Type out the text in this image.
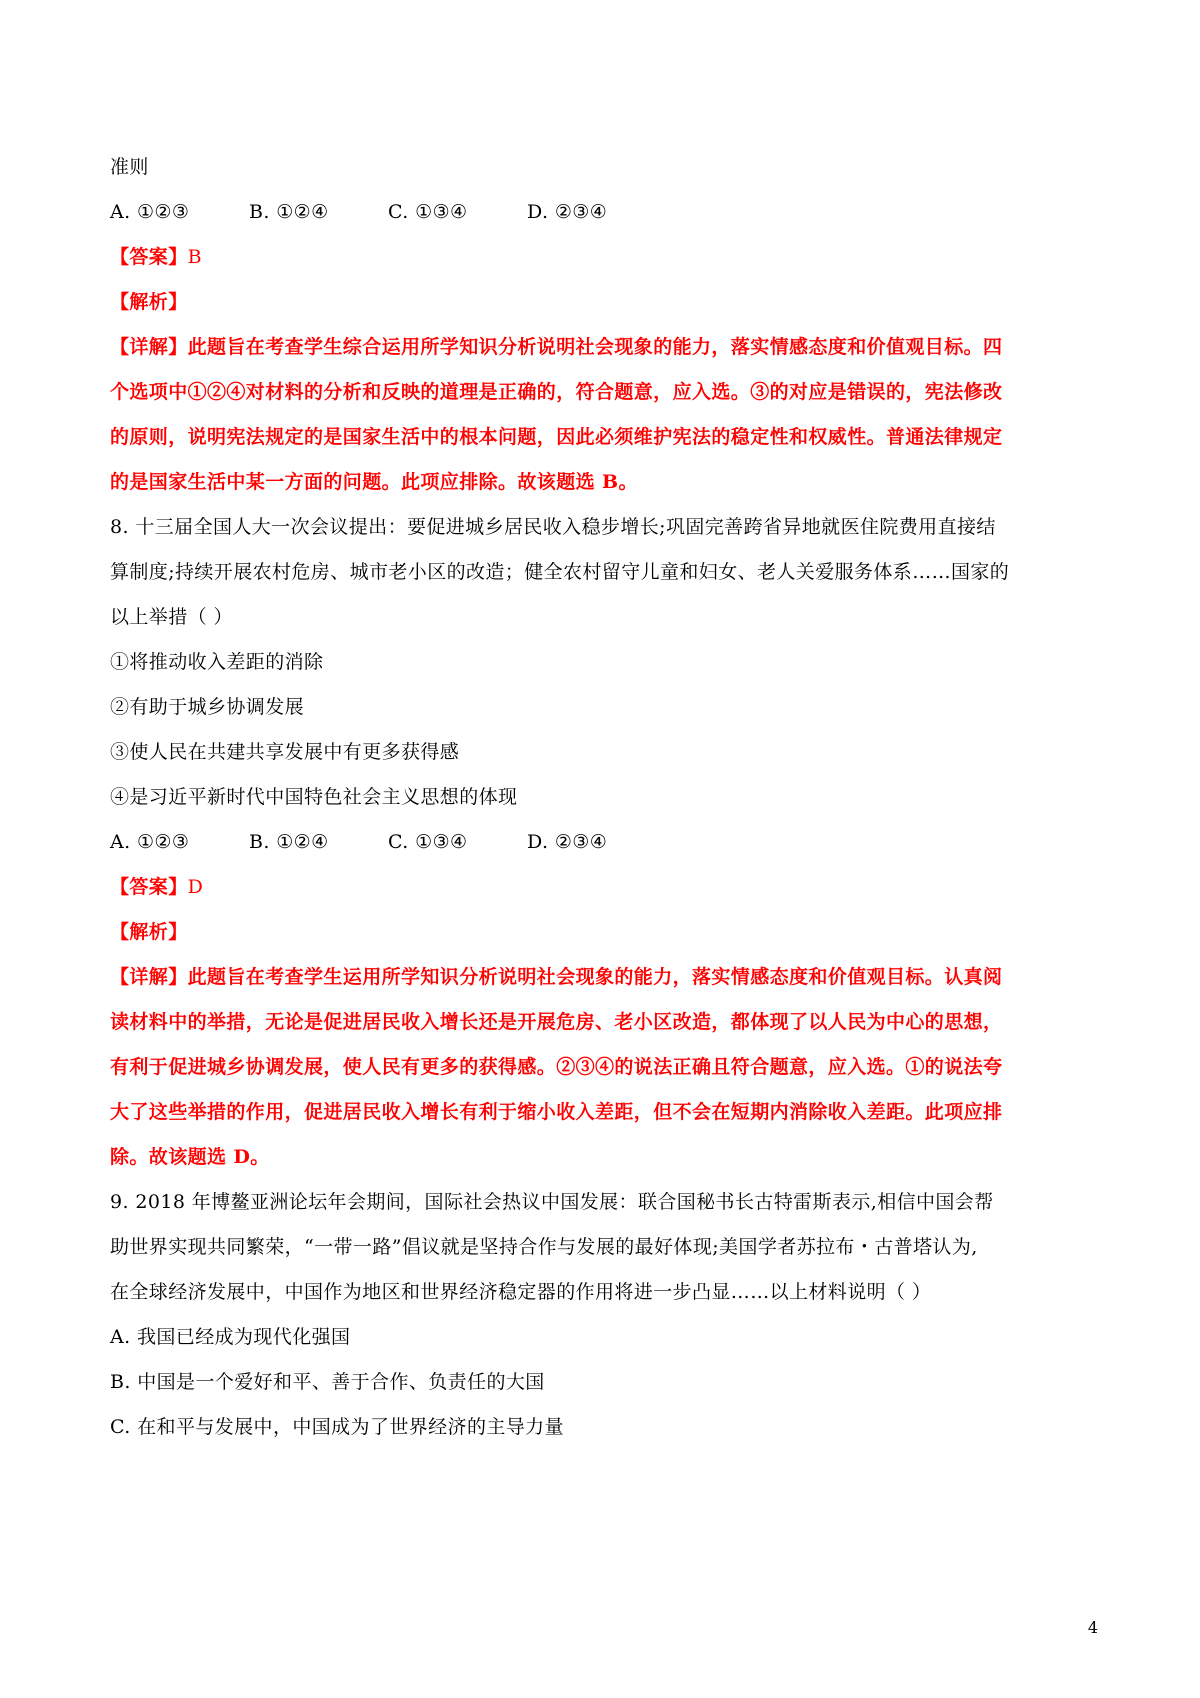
准则
A. ①②③	B. ①②④	C. ①③④	D. ②③④
【答案】B
【解析】
【详解】此题旨在考查学生综合运用所学知识分析说明社会现象的能力，落实情感态度和价值观目标。四
个选项中①②④对材料的分析和反映的道理是正确的，符合题意，应入选。③的对应是错误的，宪法修改
的原则，说明宪法规定的是国家生活中的根本问题，因此必须维护宪法的稳定性和权威性。普通法律规定
的是国家生活中某一方面的问题。此项应排除。故该题选 B。
8. 十三届全国人大一次会议提出：要促进城乡居民收入稳步增长;巩固完善跨省异地就医住院费用直接结
算制度;持续开展农村危房、城市老小区的改造；健全农村留守儿童和妇女、老人关爱服务体系……国家的
以上举措（ ）
①将推动收入差距的消除
②有助于城乡协调发展
③使人民在共建共享发展中有更多获得感
④是习近平新时代中国特色社会主义思想的体现
A. ①②③	B. ①②④	C. ①③④	D. ②③④
【答案】D
【解析】
【详解】此题旨在考查学生运用所学知识分析说明社会现象的能力，落实情感态度和价值观目标。认真阅
读材料中的举措，无论是促进居民收入增长还是开展危房、老小区改造，都体现了以人民为中心的思想，
有利于促进城乡协调发展，使人民有更多的获得感。②③④的说法正确且符合题意，应入选。①的说法夸
大了这些举措的作用，促进居民收入增长有利于缩小收入差距，但不会在短期内消除收入差距。此项应排
除。故该题选 D。
9. 2018 年博鳌亚洲论坛年会期间，国际社会热议中国发展：联合国秘书长古特雷斯表示,相信中国会帮
助世界实现共同繁荣，“一带一路”倡议就是坚持合作与发展的最好体现;美国学者苏拉布・古普塔认为,
在全球经济发展中，中国作为地区和世界经济稳定器的作用将进一步凸显……以上材料说明（ ）
A. 我国已经成为现代化强国
B. 中国是一个爱好和平、善于合作、负责任的大国
C. 在和平与发展中，中国成为了世界经济的主导力量
4
